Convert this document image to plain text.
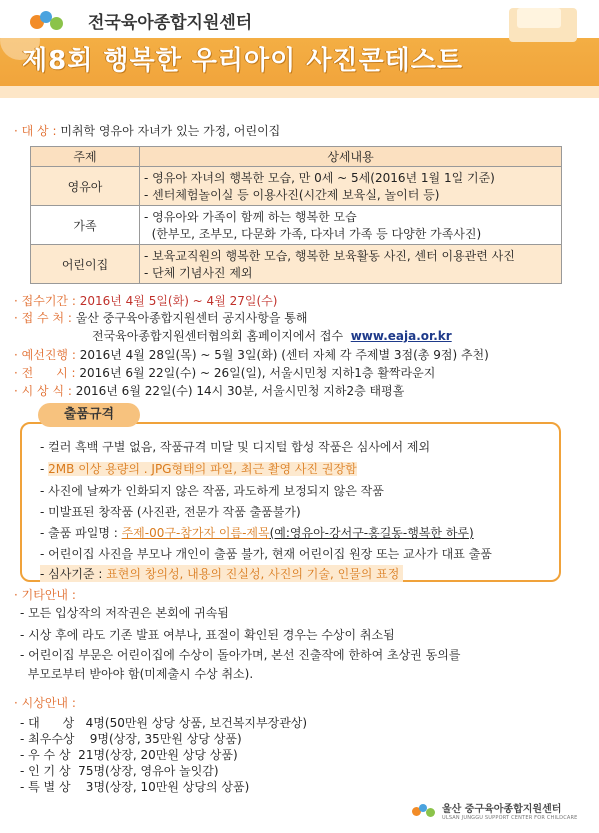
전국육아종합지원센터
제8회 행복한 우리아이 사진콘테스트
· 대 상 : 미취학 영유아 자녀가 있는 가정, 어린이집
주제	상세내용
영유아	- 영유아 자녀의 행복한 모습, 만 0세 ~ 5세(2016년 1월 1일 기준)
- 센터체험놀이실 등 이용사진(시간제 보육실, 놀이터 등)

가족	- 영유아와 가족이 함께 하는 행복한 모습
(한부모, 조부모, 다문화 가족, 다자녀 가족 등 다양한 가족사진)

어린이집	- 보육교직원의 행복한 모습, 행복한 보육활동 사진, 센터 이용관련 사진
- 단체 기념사진 제외
· 접수기간 : 2016년 4월 5일(화) ~ 4월 27일(수)
· 접 수 처 : 울산 중구육아종합지원센터 공지사항을 통해
전국육아종합지원센터협의회 홈페이지에서 접수 www.eaja.or.kr
· 예선진행 : 2016년 4월 28일(목) ~ 5월 3일(화) (센터 자체 각 주제별 3점(총 9점) 추천)
· 전      시 : 2016년 6월 22일(수) ~ 26일(일), 서울시민청 지하1층 활짝라운지
· 시 상 식 : 2016년 6월 22일(수) 14시 30분, 서울시민청 지하2층 태평홀
출품규격
- 컬러 흑백 구별 없음, 작품규격 미달 및 디지털 합성 작품은 심사에서 제외
- 2MB 이상 용량의 . JPG형태의 파일, 최근 촬영 사진 권장함
- 사진에 날짜가 인화되지 않은 작품, 과도하게 보정되지 않은 작품
- 미발표된 창작품 (사진관, 전문가 작품 출품불가)
- 출품 파일명 : 주제-00구-참가자 이름-제목(예:영유아-강서구-홍길동-행복한 하루)
- 어린이집 사진을 부모나 개인이 출품 불가, 현재 어린이집 원장 또는 교사가 대표 출품
- 심사기준 : 표현의 창의성, 내용의 진실성, 사진의 기술, 인물의 표정
· 기타안내 :
- 모든 입상작의 저작권은 본회에 귀속됨
- 시상 후에 라도 기존 발표 여부나, 표절이 확인된 경우는 수상이 취소됨
- 어린이집 부문은 어린이집에 수상이 돌아가며, 본선 진출작에 한하여 초상권 동의를
부모로부터 받아야 함(미제출시 수상 취소).
· 시상안내 :
- 대      상   4명(50만원 상당 상품, 보건복지부장관상)
- 최우수상    9명(상장, 35만원 상당 상품)
- 우 수 상  21명(상장, 20만원 상당 상품)
- 인 기 상  75명(상장, 영유아 놀잇감)
- 특 별 상    3명(상장, 10만원 상당의 상품)
울산 중구육아종합지원센터
ULSAN JUNGGU SUPPORT CENTER FOR CHILDCARE
